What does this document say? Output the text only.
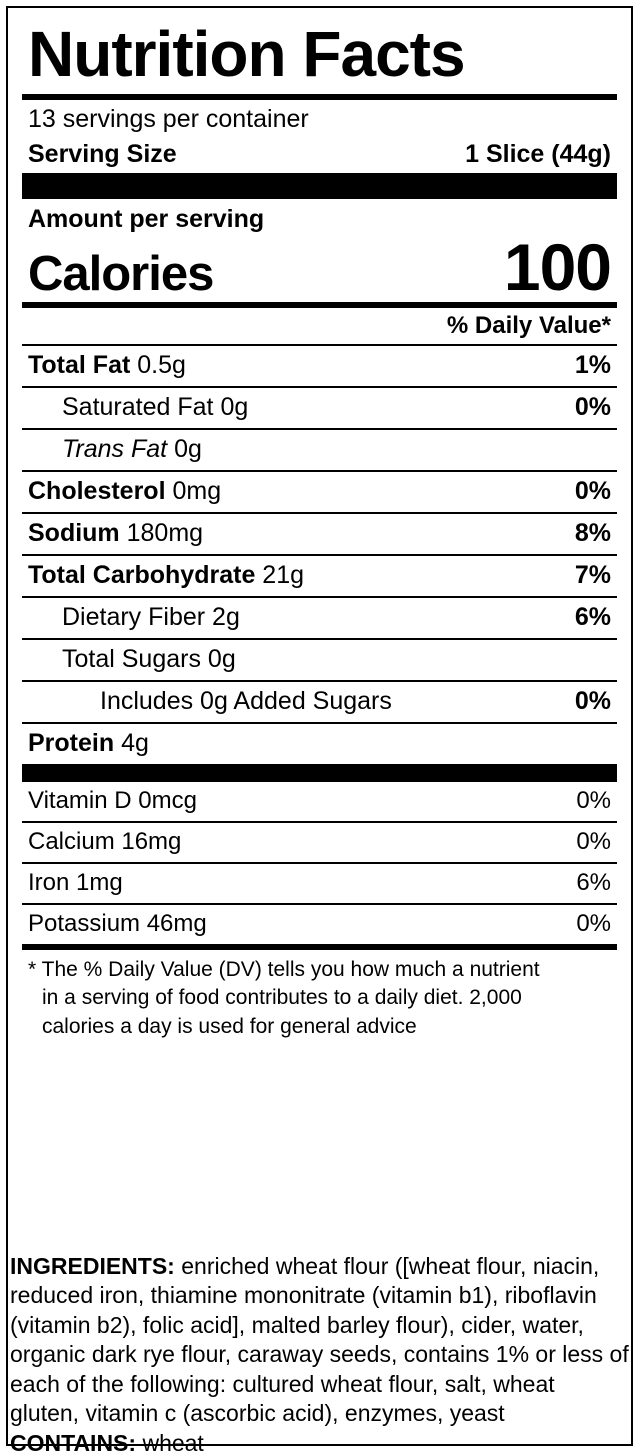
Nutrition Facts
13 servings per container
Serving Size	1 Slice (44g)
Amount per serving
Calories	100
% Daily Value*
Total Fat 0.5g	1%
Saturated Fat 0g	0%
Trans Fat 0g
Cholesterol 0mg	0%
Sodium 180mg	8%
Total Carbohydrate 21g	7%
Dietary Fiber 2g	6%
Total Sugars 0g
Includes 0g Added Sugars	0%
Protein 4g
Vitamin D 0mcg	0%
Calcium 16mg	0%
Iron 1mg	6%
Potassium 46mg	0%
* The % Daily Value (DV) tells you how much a nutrient
in a serving of food contributes to a daily diet. 2,000
calories a day is used for general advice
INGREDIENTS: enriched wheat flour ([wheat flour, niacin, reduced iron, thiamine mononitrate (vitamin b1), riboflavin (vitamin b2), folic acid], malted barley flour), cider, water, organic dark rye flour, caraway seeds, contains 1% or less of each of the following: cultured wheat flour, salt, wheat gluten, vitamin c (ascorbic acid), enzymes, yeast CONTAINS: wheat
